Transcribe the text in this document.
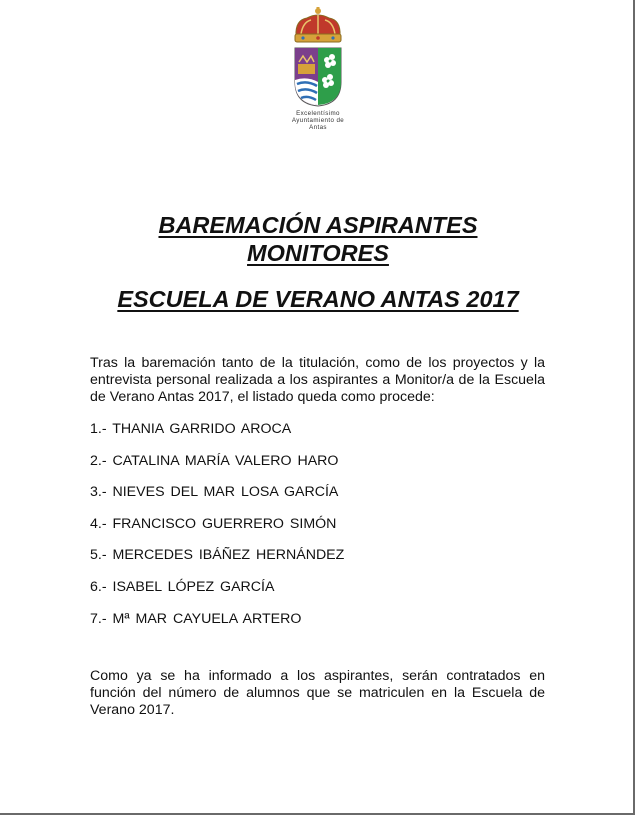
Excelentísimo
Ayuntamiento de
Antas
BAREMACIÓN ASPIRANTES
MONITORES
ESCUELA DE VERANO ANTAS 2017

Tras la baremación tanto de la titulación, como de los proyectos y la entrevista personal realizada a los aspirantes a Monitor/a de la Escuela de Verano Antas 2017, el listado queda como procede:

1.- THANIA GARRIDO AROCA
2.- CATALINA MARÍA VALERO HARO
3.- NIEVES DEL MAR LOSA GARCÍA
4.- FRANCISCO GUERRERO SIMÓN
5.- MERCEDES IBÁÑEZ HERNÁNDEZ
6.- ISABEL LÓPEZ GARCÍA
7.- Mª MAR CAYUELA ARTERO

Como ya se ha informado a los aspirantes, serán contratados en función del número de alumnos que se matriculen en la Escuela de Verano 2017.
